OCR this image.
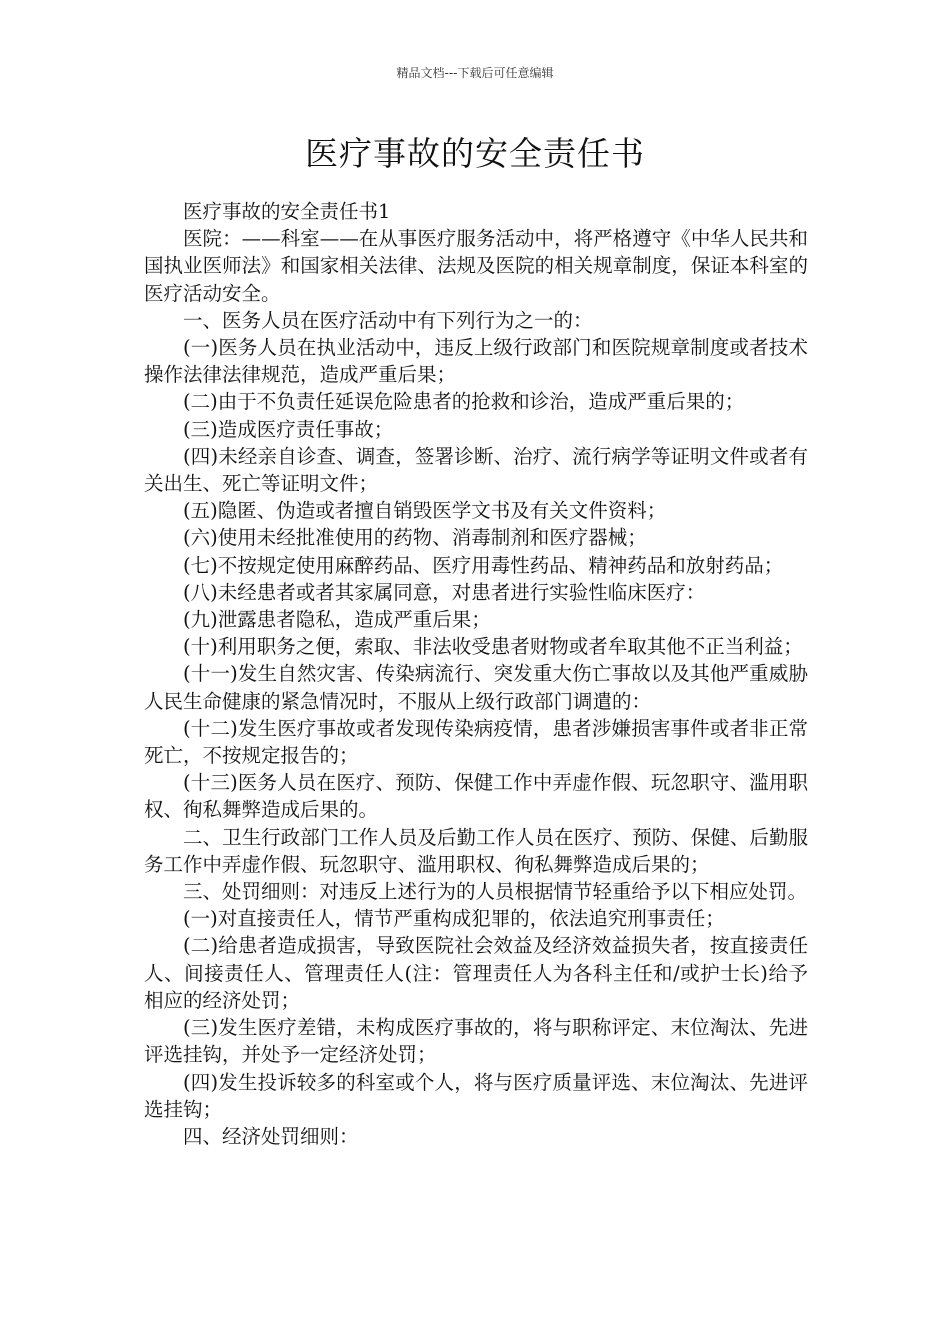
精品文档---下载后可任意编辑
医疗事故的安全责任书

医疗事故的安全责任书1

医院：——科室——在从事医疗服务活动中，将严格遵守《中华人民共和国执业医师法》和国家相关法律、法规及医院的相关规章制度，保证本科室的医疗活动安全。

一、医务人员在医疗活动中有下列行为之一的：

(一)医务人员在执业活动中，违反上级行政部门和医院规章制度或者技术操作法律法律规范，造成严重后果；

(二)由于不负责任延误危险患者的抢救和诊治，造成严重后果的；

(三)造成医疗责任事故；

(四)未经亲自诊查、调查，签署诊断、治疗、流行病学等证明文件或者有关出生、死亡等证明文件；

(五)隐匿、伪造或者擅自销毁医学文书及有关文件资料；

(六)使用未经批准使用的药物、消毒制剂和医疗器械；

(七)不按规定使用麻醉药品、医疗用毒性药品、精神药品和放射药品；

(八)未经患者或者其家属同意，对患者进行实验性临床医疗：

(九)泄露患者隐私，造成严重后果；

(十)利用职务之便，索取、非法收受患者财物或者牟取其他不正当利益；

(十一)发生自然灾害、传染病流行、突发重大伤亡事故以及其他严重威胁人民生命健康的紧急情况时，不服从上级行政部门调遣的：

(十二)发生医疗事故或者发现传染病疫情，患者涉嫌损害事件或者非正常死亡，不按规定报告的；

(十三)医务人员在医疗、预防、保健工作中弄虚作假、玩忽职守、滥用职权、徇私舞弊造成后果的。

二、卫生行政部门工作人员及后勤工作人员在医疗、预防、保健、后勤服务工作中弄虚作假、玩忽职守、滥用职权、徇私舞弊造成后果的；

三、处罚细则：对违反上述行为的人员根据情节轻重给予以下相应处罚。

(一)对直接责任人，情节严重构成犯罪的，依法追究刑事责任；

(二)给患者造成损害，导致医院社会效益及经济效益损失者，按直接责任人、间接责任人、管理责任人(注：管理责任人为各科主任和/或护士长)给予相应的经济处罚；

(三)发生医疗差错，未构成医疗事故的，将与职称评定、末位淘汰、先进评选挂钩，并处予一定经济处罚；

(四)发生投诉较多的科室或个人，将与医疗质量评选、末位淘汰、先进评选挂钩；

四、经济处罚细则：
